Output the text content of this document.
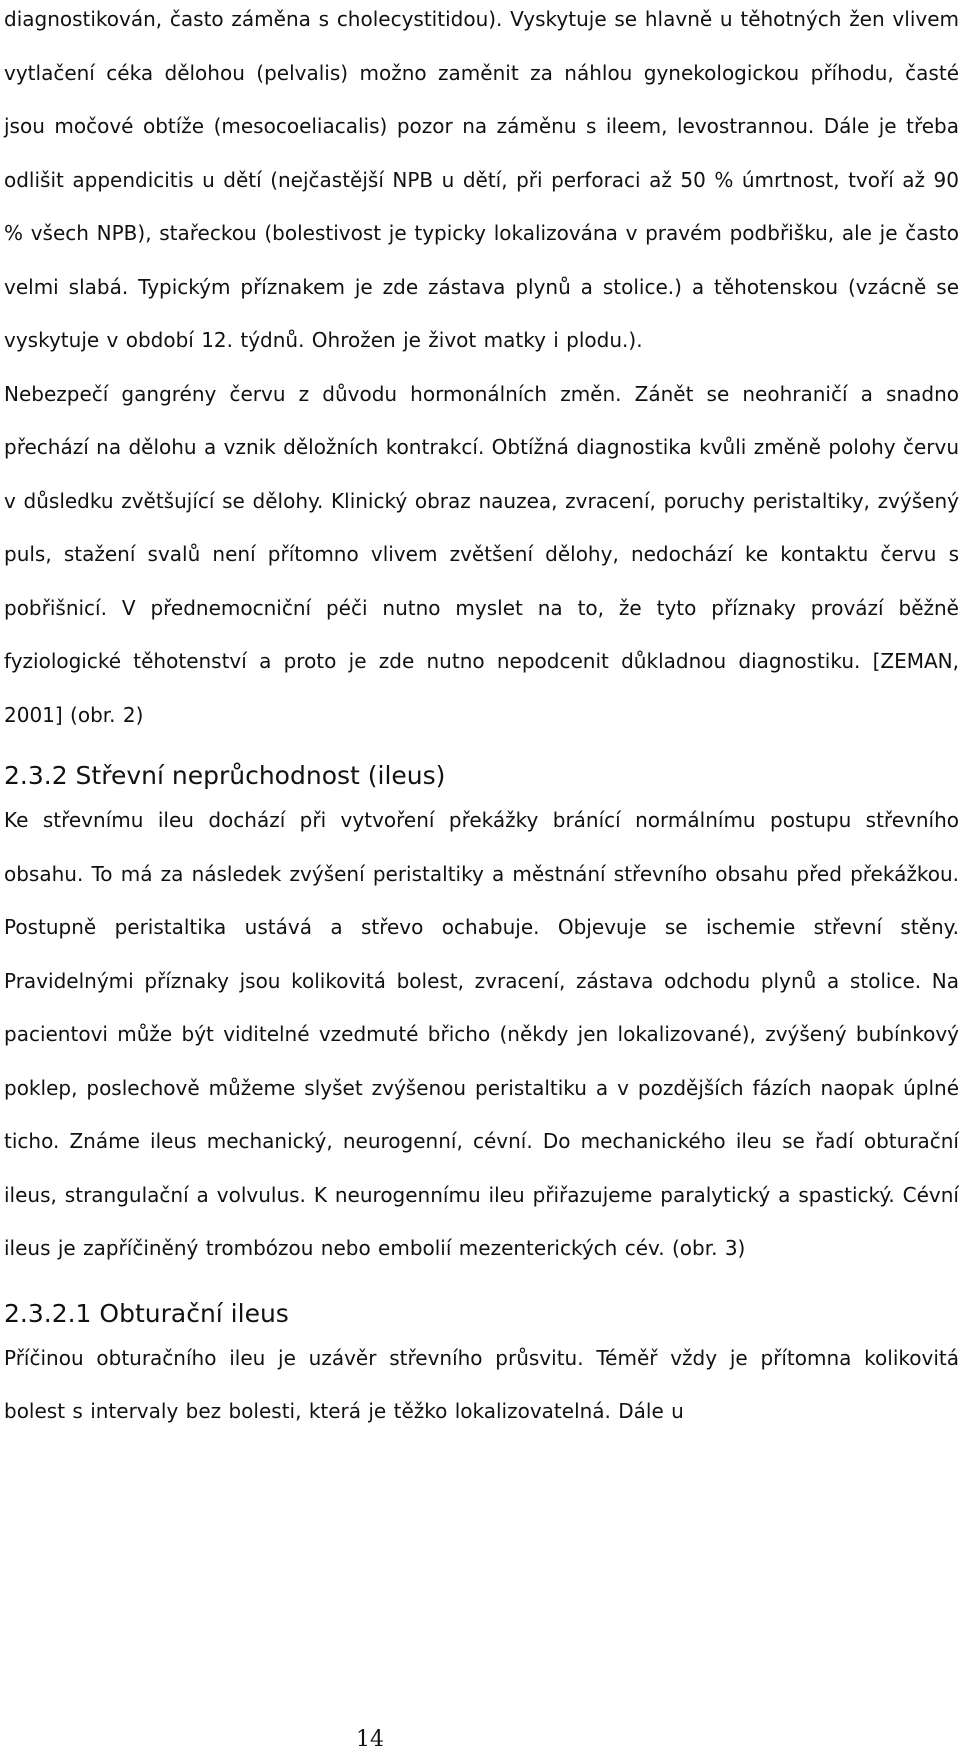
diagnostikován, často záměna s cholecystitidou). Vyskytuje se hlavně u těhotných žen vlivem vytlačení céka dělohou (pelvalis) možno zaměnit za náhlou gynekologickou příhodu, časté jsou močové obtíže (mesocoeliacalis) pozor na záměnu s ileem, levostrannou. Dále je třeba odlišit appendicitis u dětí (nejčastější NPB u dětí, při perforaci až 50 % úmrtnost, tvoří až 90 % všech NPB), stařeckou (bolestivost je typicky lokalizována v pravém podbřišku, ale je často velmi slabá. Typickým příznakem je zde zástava plynů a stolice.) a těhotenskou (vzácně se vyskytuje v období 12. týdnů. Ohrožen je život matky i plodu.).

Nebezpečí gangrény červu z důvodu hormonálních změn. Zánět se neohraničí a snadno přechází na dělohu a vznik děložních kontrakcí. Obtížná diagnostika kvůli změně polohy červu v důsledku zvětšující se dělohy. Klinický obraz nauzea, zvracení, poruchy peristaltiky, zvýšený puls, stažení svalů není přítomno vlivem zvětšení dělohy, nedochází ke kontaktu červu s pobřišnicí. V přednemocniční péči nutno myslet na to, že tyto příznaky provází běžně fyziologické těhotenství a proto je zde nutno nepodcenit důkladnou diagnostiku. [ZEMAN, 2001] (obr. 2)

2.3.2 Střevní neprůchodnost (ileus)

Ke střevnímu ileu dochází při vytvoření překážky bránící normálnímu postupu střevního obsahu. To má za následek zvýšení peristaltiky a městnání střevního obsahu před překážkou. Postupně peristaltika ustává a střevo ochabuje. Objevuje se ischemie střevní stěny. Pravidelnými příznaky jsou kolikovitá bolest, zvracení, zástava odchodu plynů a stolice. Na pacientovi může být viditelné vzedmuté břicho (někdy jen lokalizované), zvýšený bubínkový poklep, poslechově můžeme slyšet zvýšenou peristaltiku a v pozdějších fázích naopak úplné ticho. Známe ileus mechanický, neurogenní, cévní. Do mechanického ileu se řadí obturační ileus, strangulační a volvulus. K neurogennímu ileu přiřazujeme paralytický a spastický. Cévní ileus je zapříčiněný trombózou nebo embolií mezenterických cév. (obr. 3)

2.3.2.1 Obturační ileus

Příčinou obturačního ileu je uzávěr střevního průsvitu. Téměř vždy je přítomna kolikovitá bolest s intervaly bez bolesti, která je těžko lokalizovatelná. Dále u

14
